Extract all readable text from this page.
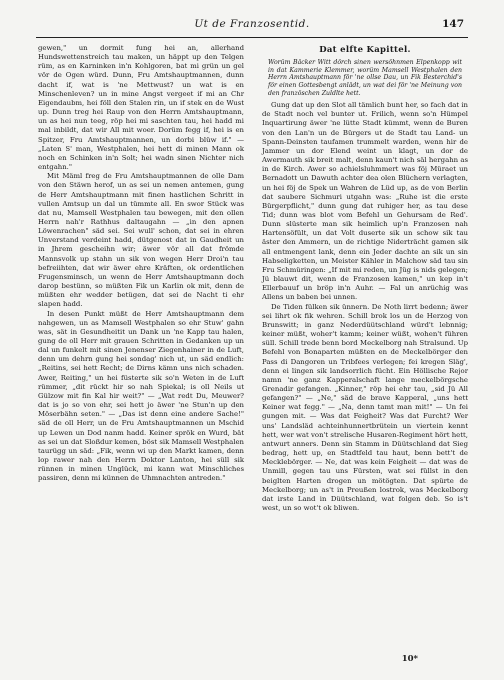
Ut de Franzosentid.	147

gewen," un dormit fung hei an, allerhand Hundswettenstreich tau maken, un häppt up den Telgen rüm, as en Karninken in'n Kohlgoren, bat mi grün un gel vör de Ogen würd. Dunn, Fru Amtshauptmannen, dunn dacht if, wat is 'ne Mettwust? un wat is en Minschenleven? un in mine Angst vergeet if mi an Chr Eigendaubm, hei föll den Stalen rin, un if stek en de Wust up. Dunn treg hei Raup von den Herrn Amtshauptmann, un as hei nun teeg, röp hei mi saschten tau, hei hadd mi mal inbildt, dat wir All mit woer. Dorüm fegg if, hei is en Spitzer, Fru Amtshauptmannen, un dorbi blüw if." — „Laten S' man, Westphalen, hei hett di minen Mann ok noch en Schinken in'n Solt; hei wadn sinen Nichter nich entgahn."

Mit Mäml freg de Fru Amtshauptmannen de olle Dam von den Stäwn herof, un as sei un nemen antemen, gung de Herr Amtshauptmann mit finen hastlichen Schritt in vullen Amtsup un dal un tümmte all. En swor Stück was dat nu, Mamsell Westphalen tau bewegen, mit den ollen Herrn nah'r Rathhus daltaugahn — „in den apnen Löwenrachen" säd sei. Sei wull' schon, dat sei in ehren Unverstand verdeint hadd, dütgenost dat in Gaudheit un in Jhrem gescheihn wir; äwer vör all dat frömde Mannsvolk up stahn un sik von wegen Herr Droi'n tau befreiihten, dat wir äwer ehre Kräften, ok ordentlichen Frugensminsch, un wenn de Herr Amtshauptmann doch darop bestünn, so müßten Fik un Karlin ok mit, denn de müßten ehr wedder betügen, dat sei de Nacht ti ehr slapen hadd.

In desen Punkt müßt de Herr Amtshauptmann dem nahgewen, un as Mamsell Westphalen so ehr Stuw' gahn was, sät in Gesundheitit un Dank un 'ne Kapp tau halen, gung de oll Herr mit grauen Schritten in Gedanken up un dal un funkelt mit sinen Jenenser Ziegenhainer in de Luft, denn um dehrn gung hei sondag' nich ut, un säd endlich: „Reitins, sei hett Recht; de Dirns kämn uns nich schaden. Awer, Reiting," un hei füsterte sik so'n Weten in de Luft rümmer, „dit rückt hir so nah Spiekal; is oll Neils ut Gülzow mit fin Kal hir weit?" — „Wat redt Du, Meuwer? dat is jo so von ehr, sei hett jo äwer 'ne Stun'n up den Möserbähn seten." — „Das ist denn eine andere Sache!" säd de oll Herr, un de Fru Amtshauptmannen un Mschid up Lewen un Dod nanm hadd. Keiner sprök en Wurd, bät as sei un dat Sloßdur kemen, böst sik Mamsell Westphalen taurügg un säd: „Fik, wenn wi up den Markt kamen, denn lop rawer nah den Herrn Doktor Lanton, hei süll sik rünnen in minen Unglück, mi kann wat Minschliches passiren, denn mi künnen de Uhmnachten antreden."

Dat elfte Kapittel.
Worüm Bäcker Witt dörch sinen wersöhnmen Elpenkopp wit in dat Kammerie Klemmer, worüm Mamsell Westphalen den Herrn Amtshauptmann för 'ne ollse Dau, un Fik Besterchid's för einen Gottesbengt anlädt, un wat dei för 'ne Meinung von den französchen Zuldlte hett.

Gung dat up den Slot all tämlich bunt her, so fach dat in de Stadt noch vel bunter ut. Frilich, wenn so'n Hümpel Inquartirung äwer 'ne lütte Stadt kümmt, wenn de Buren von den Lan'n un de Bürgers ut de Stadt tau Land- un Spann-Deinsten taufamen trummelt warden, wenn hir de Jammer un dor Elend weint un klagt, un dor de Awermauth sik breit malt, denn kaun't nich säl hergahn as in de Kirch. Awer so achielsluhmmert was föj Müraet un Bernadott un Dawuth achter dea olen Blüchern verlagten, un hei föj de Spek un Wahren de Lüd up, as de von Berlin dat saubere Sichmuri utgahn was: „Ruhe ist die erste Bürgerpflicht," dunn gung dat ruhiger her, as tau dese Tid; dunn was blot vom Befehl un Gehursam de Red'. Dunn slüsterte man sik heimlich up'n Franzosen nah Hartensöfült, un dat Volt duserte sik un schow sik tau äster den Ammern, un de richtige Niderträcht gamen sik all entmengent lank, denn ein Jeder dachte an sik un sin Habseligketten, un Meister Kähler in Malchow säd tau sin Fru Schmüringen: „If mit mi reden, un Jüg is nids gelegen; Jü blauwt dit, wenn de Franzosen kamen," un kep in't Ellerbauuf un bröp in'n Auhr. — Fal un anrüchig was Allens un baben bei unnen.

De Tiden fülken sik ünnern. De Noth lirrt bedenn; äwer sei lihrt ok fik wehren. Schill brok los un de Herzog von Brunswitt; in ganz Nederdüütschland würd't lebnnig; keiner müßt, woher't kamm; keiner wüßt, wohen't führen süll. Schill trede benn bord Meckelborg nah Stralsund. Up Befehl von Bonaparten müßten en de Meckelbörger den Pass di Dangoren un Tribfees verlegen; fei kregen Släg', denn ei lingen sik landsorrlich fücht. Ein Höllische Rejor namn 'ne ganz Kapperalschaft lange meckelbörgsche Grenadir gefangen. „Kinner," röp hei ehr tau, „sid Jü All gefangen?" — „Ne," säd de brave Kapperal, „uns hett Keiner wat fegg." — „Na, denn tamt man mit!" — Un fei gungen mit. — Was dat Feigheit? Was dat Furcht? Wer uns' Landsläd achteinhunnertbrütein un viertein kennt hett, wer wat von't strelische Husaren-Regiment hört hett, antwurt anners. Denn sin Stamm in Düütschland dat Sieg bedrag, hett up, en Stadtfeld tau haut, benn bett't de Mecklebörger. — Ne, dat was kein Feigheit — dat was de Unmill, gegen tau uns Fürsten, wat sei füllst in den beiglten Harten drogen un mötögten. Dat spürte de Meckelborg; un as't in Preußen lostrok, was Meckelborg dat irste Land in Düütschland, wat folgen deb. So is't west, un so wot't ok bliwen.

10*
